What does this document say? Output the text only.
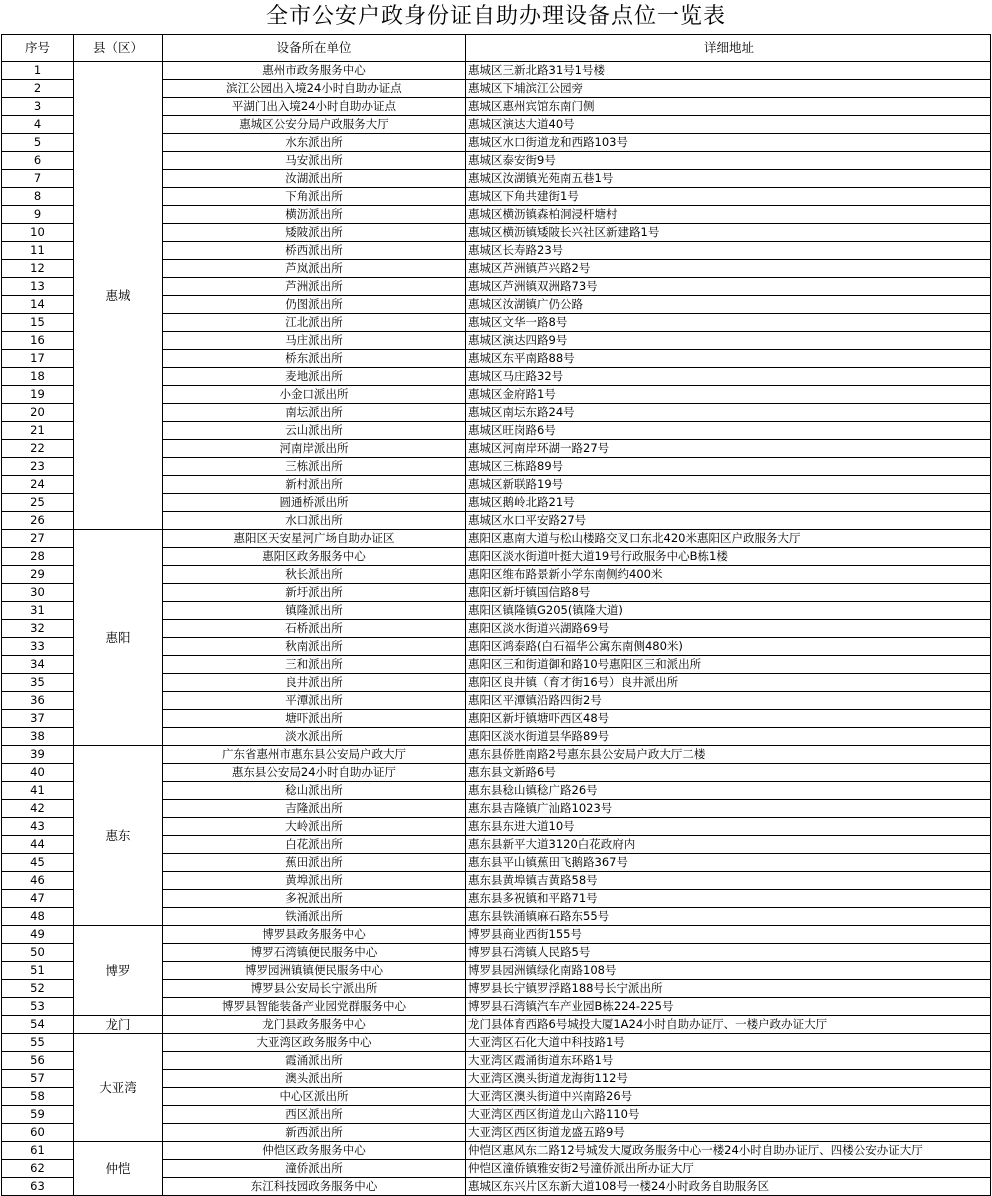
全市公安户政身份证自助办理设备点位一览表
序号	县（区）	设备所在单位	详细地址
1	惠城	惠州市政务服务中心	惠城区三新北路31号1号楼
2		滨江公园出入境24小时自助办证点	惠城区下埔滨江公园旁
3		平湖门出入境24小时自助办证点	惠城区惠州宾馆东南门侧
4		惠城区公安分局户政服务大厅	惠城区演达大道40号
5		水东派出所	惠城区水口街道龙和西路103号
6		马安派出所	惠城区泰安街9号
7		汝湖派出所	惠城区汝湖镇光苑南五巷1号
8		下角派出所	惠城区下角共建街1号
9		横沥派出所	惠城区横沥镇森柏洞浸杆塘村
10		矮陂派出所	惠城区横沥镇矮陂长兴社区新建路1号
11		桥西派出所	惠城区长寿路23号
12		芦岚派出所	惠城区芦洲镇芦兴路2号
13		芦洲派出所	惠城区芦洲镇双洲路73号
14		仍图派出所	惠城区汝湖镇广仍公路
15		江北派出所	惠城区文华一路8号
16		马庄派出所	惠城区演达四路9号
17		桥东派出所	惠城区东平南路88号
18		麦地派出所	惠城区马庄路32号
19		小金口派出所	惠城区金府路1号
20		南坛派出所	惠城区南坛东路24号
21		云山派出所	惠城区旺岗路6号
22		河南岸派出所	惠城区河南岸环湖一路27号
23		三栋派出所	惠城区三栋路89号
24		新村派出所	惠城区新联路19号
25		圆通桥派出所	惠城区鹅岭北路21号
26		水口派出所	惠城区水口平安路27号
27	惠阳	惠阳区天安星河广场自助办证区	惠阳区惠南大道与松山楼路交叉口东北420米惠阳区户政服务大厅
28		惠阳区政务服务中心	惠阳区淡水街道叶挺大道19号行政服务中心B栋1楼
29		秋长派出所	惠阳区维布路景新小学东南侧约400米
30		新圩派出所	惠阳区新圩镇国信路8号
31		镇隆派出所	惠阳区镇隆镇G205(镇隆大道)
32		石桥派出所	惠阳区淡水街道兴湖路69号
33		秋南派出所	惠阳区鸿泰路(白石福华公寓东南侧480米)
34		三和派出所	惠阳区三和街道御和路10号惠阳区三和派出所
35		良井派出所	惠阳区良井镇（育才街16号）良井派出所
36		平潭派出所	惠阳区平潭镇沿路四街2号
37		塘吓派出所	惠阳区新圩镇塘吓西区48号
38		淡水派出所	惠阳区淡水街道昙华路89号
39	惠东	广东省惠州市惠东县公安局户政大厅	惠东县侨胜南路2号惠东县公安局户政大厅二楼
40		惠东县公安局24小时自助办证厅	惠东县文新路6号
41		稔山派出所	惠东县稔山镇稔广路26号
42		吉隆派出所	惠东县吉隆镇广汕路1023号
43		大岭派出所	惠东县东进大道10号
44		白花派出所	惠东县新平大道3120白花政府内
45		蕉田派出所	惠东县平山镇蕉田飞鹅路367号
46		黄埠派出所	惠东县黄埠镇吉黄路58号
47		多祝派出所	惠东县多祝镇和平路71号
48		铁涌派出所	惠东县铁涌镇麻石路东55号
49	博罗	博罗县政务服务中心	博罗县商业西街155号
50		博罗石湾镇便民服务中心	博罗县石湾镇人民路5号
51		博罗园洲镇镇便民服务中心	博罗县园洲镇绿化南路108号
52		博罗县公安局长宁派出所	博罗县长宁镇罗浮路188号长宁派出所
53		博罗县智能装备产业园党群服务中心	博罗县石湾镇汽车产业园B栋224-225号
54	龙门	龙门县政务服务中心	龙门县体育西路6号城投大厦1A24小时自助办证厅、一楼户政办证大厅
55	大亚湾	大亚湾区政务服务中心	大亚湾区石化大道中科技路1号
56		霞涌派出所	大亚湾区霞涌街道东环路1号
57		澳头派出所	大亚湾区澳头街道龙海街112号
58		中心区派出所	大亚湾区澳头街道中兴南路26号
59		西区派出所	大亚湾区西区街道龙山六路110号
60		新西派出所	大亚湾区西区街道龙盛五路9号
61	仲恺	仲恺区政务服务中心	仲恺区惠风东二路12号城发大厦政务服务中心一楼24小时自助办证厅、四楼公安办证大厅
62		潼侨派出所	仲恺区潼侨镇雅安街2号潼侨派出所办证大厅
63		东江科技园政务服务中心	惠城区东兴片区东新大道108号一楼24小时政务自助服务区
